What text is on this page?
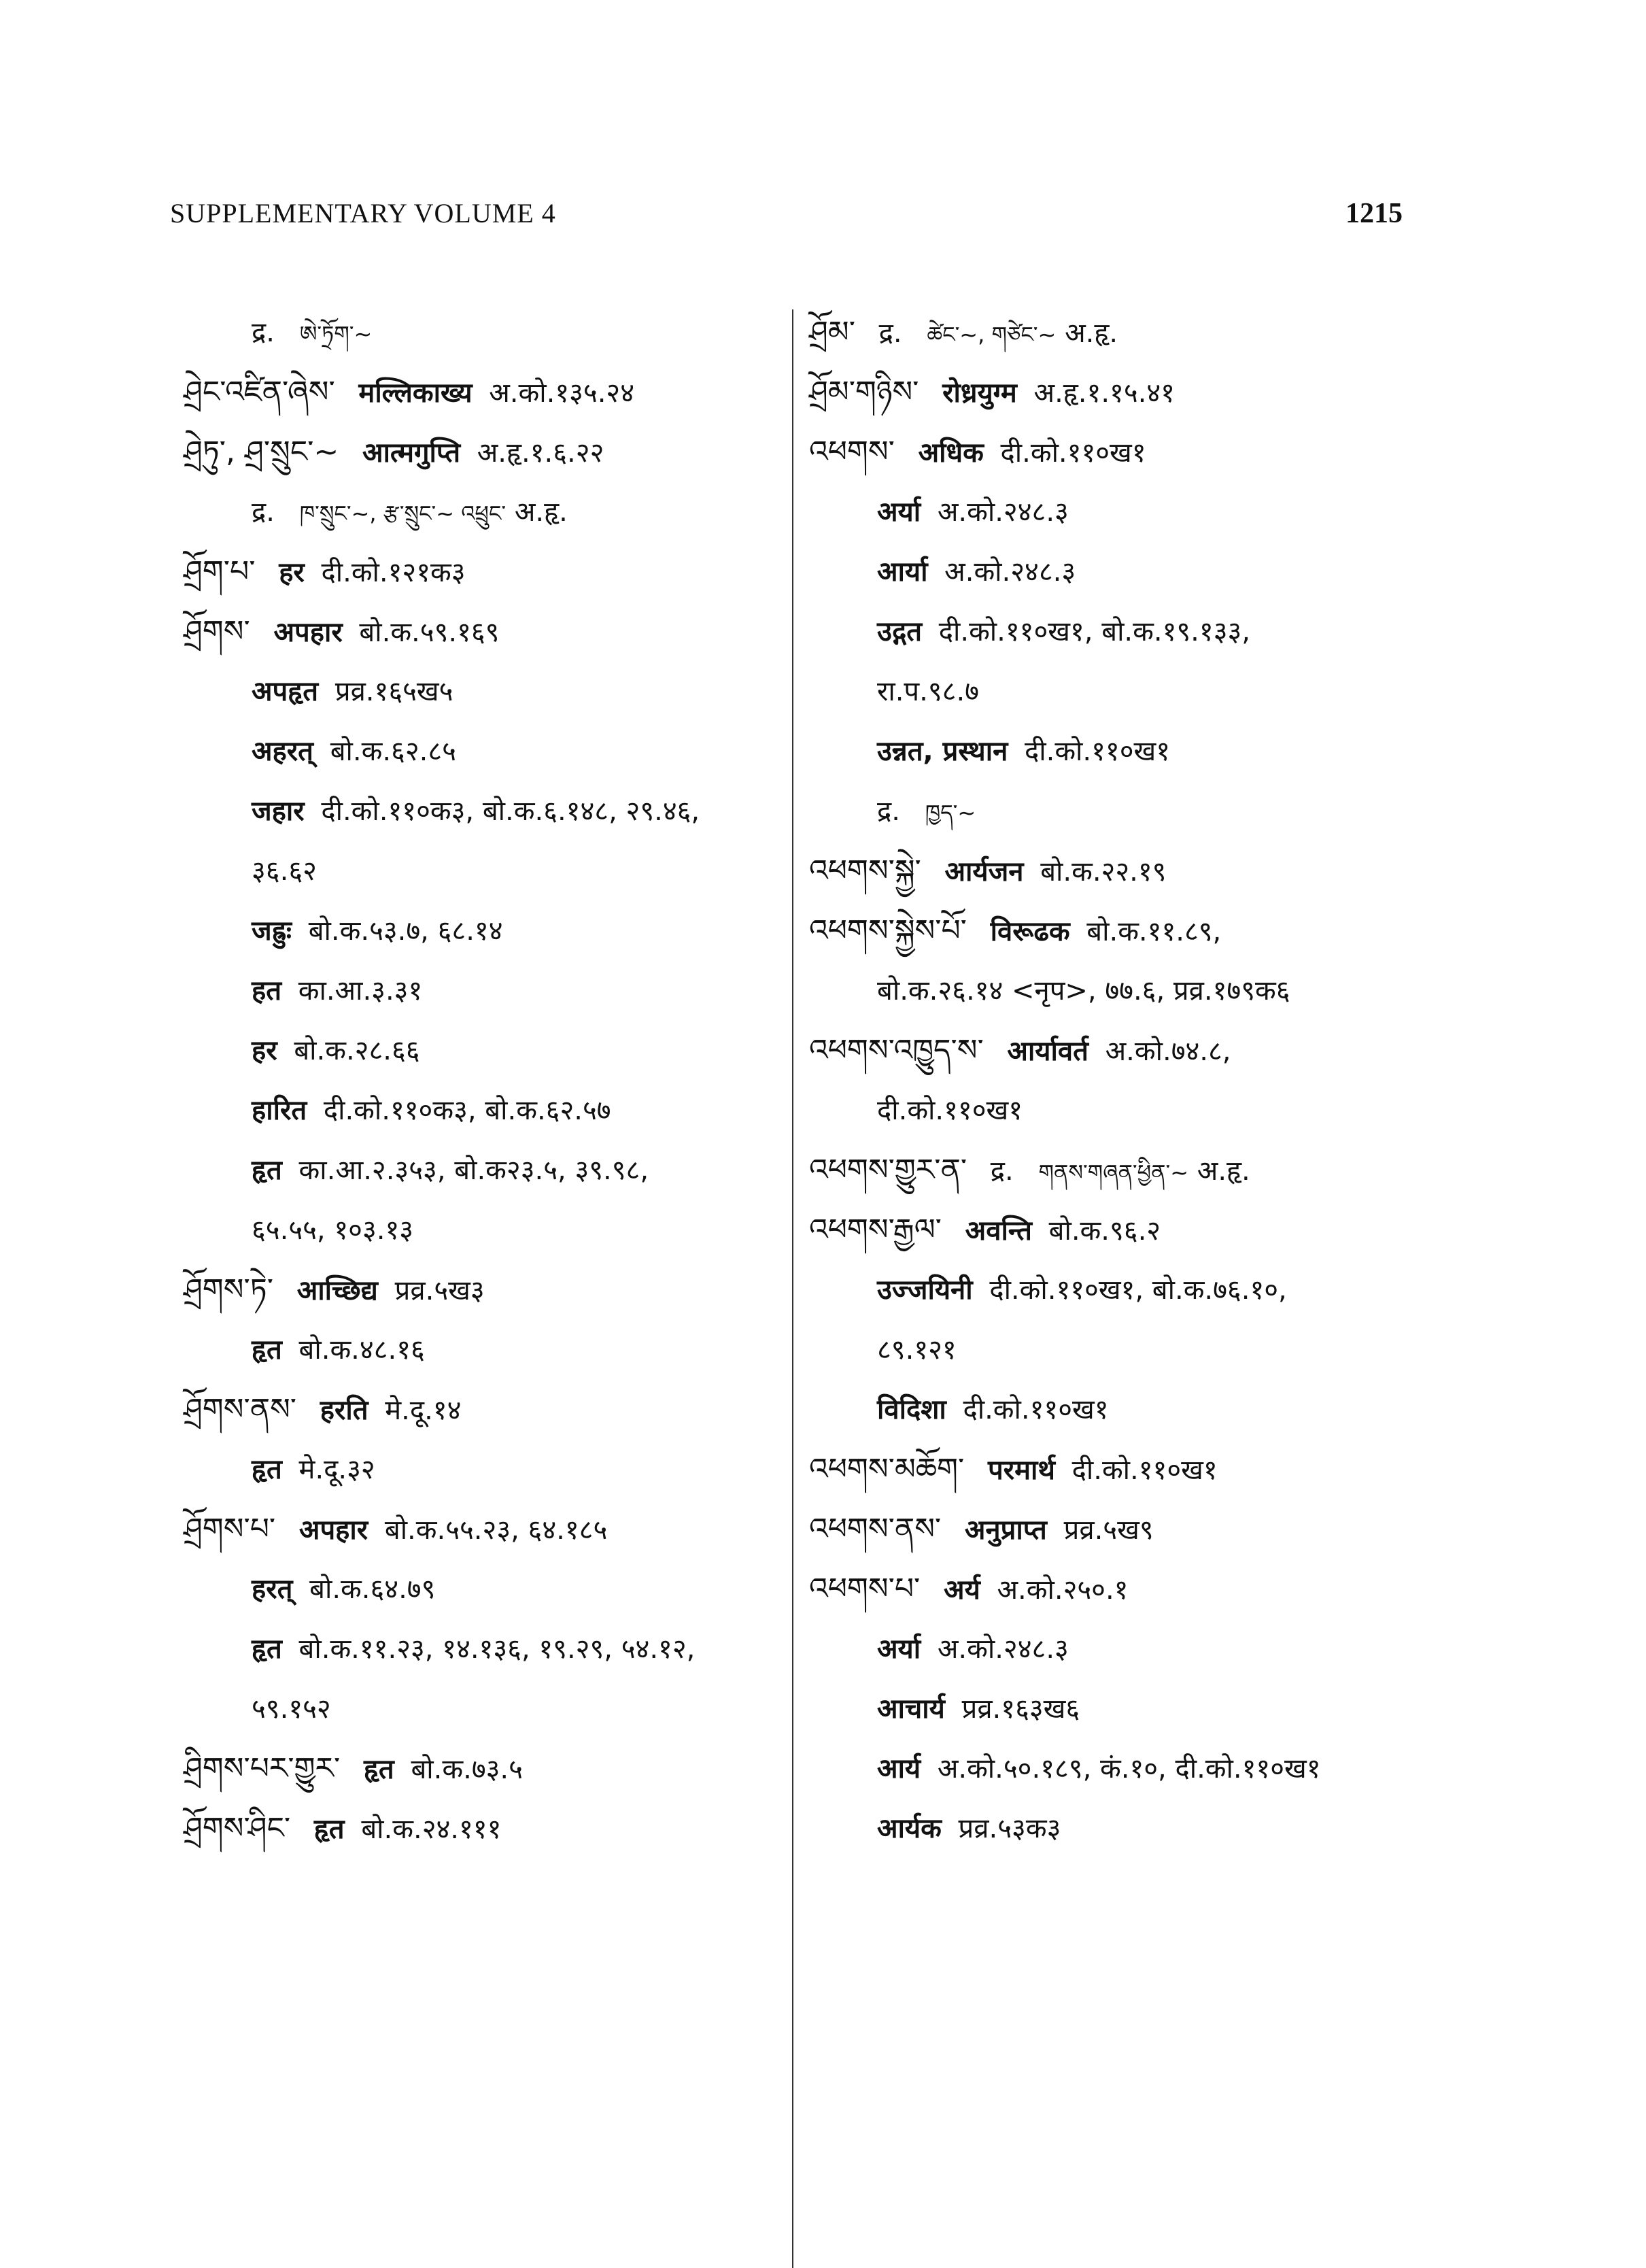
SUPPLEMENTARY VOLUME 4	1215
द्र. ཨེ་ཏྲོག་~
ཤྲེང་འཛིན་ཞེས་ मल्लिकाख्य अ.को.१३५.२४
ཤྲེཏུ་, ཤྲ་སྲུང་~ आत्मगुप्ति अ.हृ.१.६.२२
द्र. ཁ་སྲུང་~, རྩ་སྲུང་~ འཕྲུང་ अ.हृ.
ཤྲོག་པ་ हर दी.को.१२१क३
ཤྲོགས་ अपहार बो.क.५९.१६९
अपहृत प्रव्र.१६५ख५
अहरत् बो.क.६२.८५
जहार दी.को.११०क३, बो.क.६.१४८, २९.४६,
३६.६२
जह्रुः बो.क.५३.७, ६८.१४
हत का.आ.३.३१
हर बो.क.२८.६६
हारित दी.को.११०क३, बो.क.६२.५७
हृत का.आ.२.३५३, बो.क२३.५, ३९.९८,
६५.५५, १०३.१३
ཤྲོགས་ཏེ་ आच्छिद्य प्रव्र.५ख३
हृत बो.क.४८.१६
ཤྲོགས་ནས་ हरति मे.दू.१४
हृत मे.दू.३२
ཤྲོགས་པ་ अपहार बो.क.५५.२३, ६४.१८५
हरत् बो.क.६४.७९
हृत बो.क.११.२३, १४.१३६, १९.२९, ५४.१२,
५९.१५२
ཤྲིགས་པར་གྱུར་ हृत बो.क.७३.५
ཤྲོགས་ཤིང་ हृत बो.क.२४.१११
ཤྲོམ་ द्र. ཚེང་~, གཙེང་~ अ.हृ.
ཤྲོམ་གཉིས་ रोध्रयुग्म अ.हृ.१.१५.४१
འཕགས་ अधिक दी.को.११०ख१
अर्या अ.को.२४८.३
आर्या अ.को.२४८.३
उद्गत दी.को.११०ख१, बो.क.१९.१३३,
रा.प.९८.७
उन्नत, प्रस्थान दी.को.११०ख१
द्र. ཁྱད་~
འཕགས་སྐྱེ་ आर्यजन बो.क.२२.१९
འཕགས་སྐྱེས་པོ་ विरूढक बो.क.११.८९,
बो.क.२६.१४ <नृप>, ७७.६, प्रव्र.१७९क६
འཕགས་འཁྱུད་ས་ आर्यावर्त अ.को.७४.८,
दी.को.११०ख१
འཕགས་གྱུར་ན་ द्र. གནས་གཞན་ཕྱིན་~ अ.हृ.
འཕགས་རྒྱལ་ अवन्ति बो.क.९६.२
उज्जयिनी दी.को.११०ख१, बो.क.७६.१०,
८९.१२१
विदिशा दी.को.११०ख१
འཕགས་མཆོག་ परमार्थ दी.को.११०ख१
འཕགས་ནས་ अनुप्राप्त प्रव्र.५ख९
འཕགས་པ་ अर्य अ.को.२५०.१
अर्या अ.को.२४८.३
आचार्य प्रव्र.१६३ख६
आर्य अ.को.५०.१८९, कं.१०, दी.को.११०ख१
आर्यक प्रव्र.५३क३
